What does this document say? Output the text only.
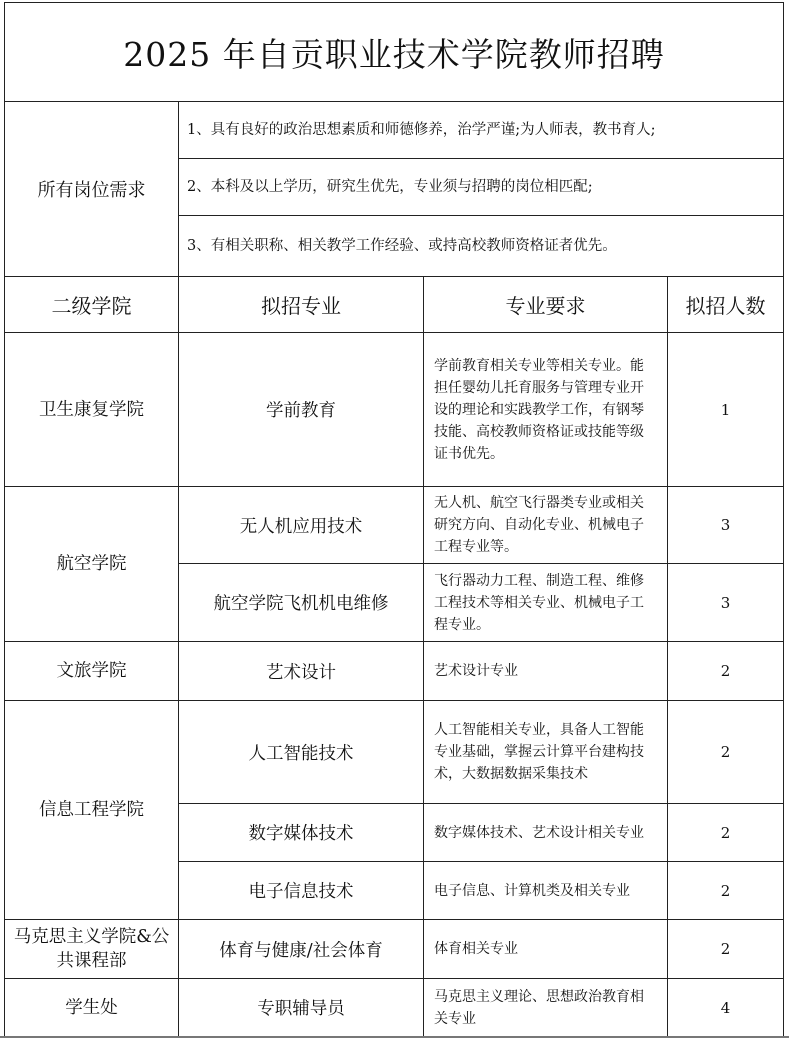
2025 年自贡职业技术学院教师招聘			
所有岗位需求	1、具有良好的政治思想素质和师德修养，治学严谨;为人师表，教书育人;		
	2、本科及以上学历，研究生优先，专业须与招聘的岗位相匹配;		
	3、有相关职称、相关教学工作经验、或持高校教师资格证者优先。		
二级学院	拟招专业	专业要求	拟招人数
卫生康复学院	学前教育	学前教育相关专业等相关专业。能担任婴幼儿托育服务与管理专业开设的理论和实践教学工作，有钢琴技能、高校教师资格证或技能等级证书优先。	1
航空学院	无人机应用技术	无人机、航空飞行器类专业或相关研究方向、自动化专业、机械电子工程专业等。	3
	航空学院飞机机电维修	飞行器动力工程、制造工程、维修工程技术等相关专业、机械电子工程专业。	3
文旅学院	艺术设计	艺术设计专业	2
信息工程学院	人工智能技术	人工智能相关专业，具备人工智能专业基础，掌握云计算平台建构技术，大数据数据采集技术	2
	数字媒体技术	数字媒体技术、艺术设计相关专业	2
	电子信息技术	电子信息、计算机类及相关专业	2
马克思主义学院&公共课程部	体育与健康/社会体育	体育相关专业	2
学生处	专职辅导员	马克思主义理论、思想政治教育相关专业	4
